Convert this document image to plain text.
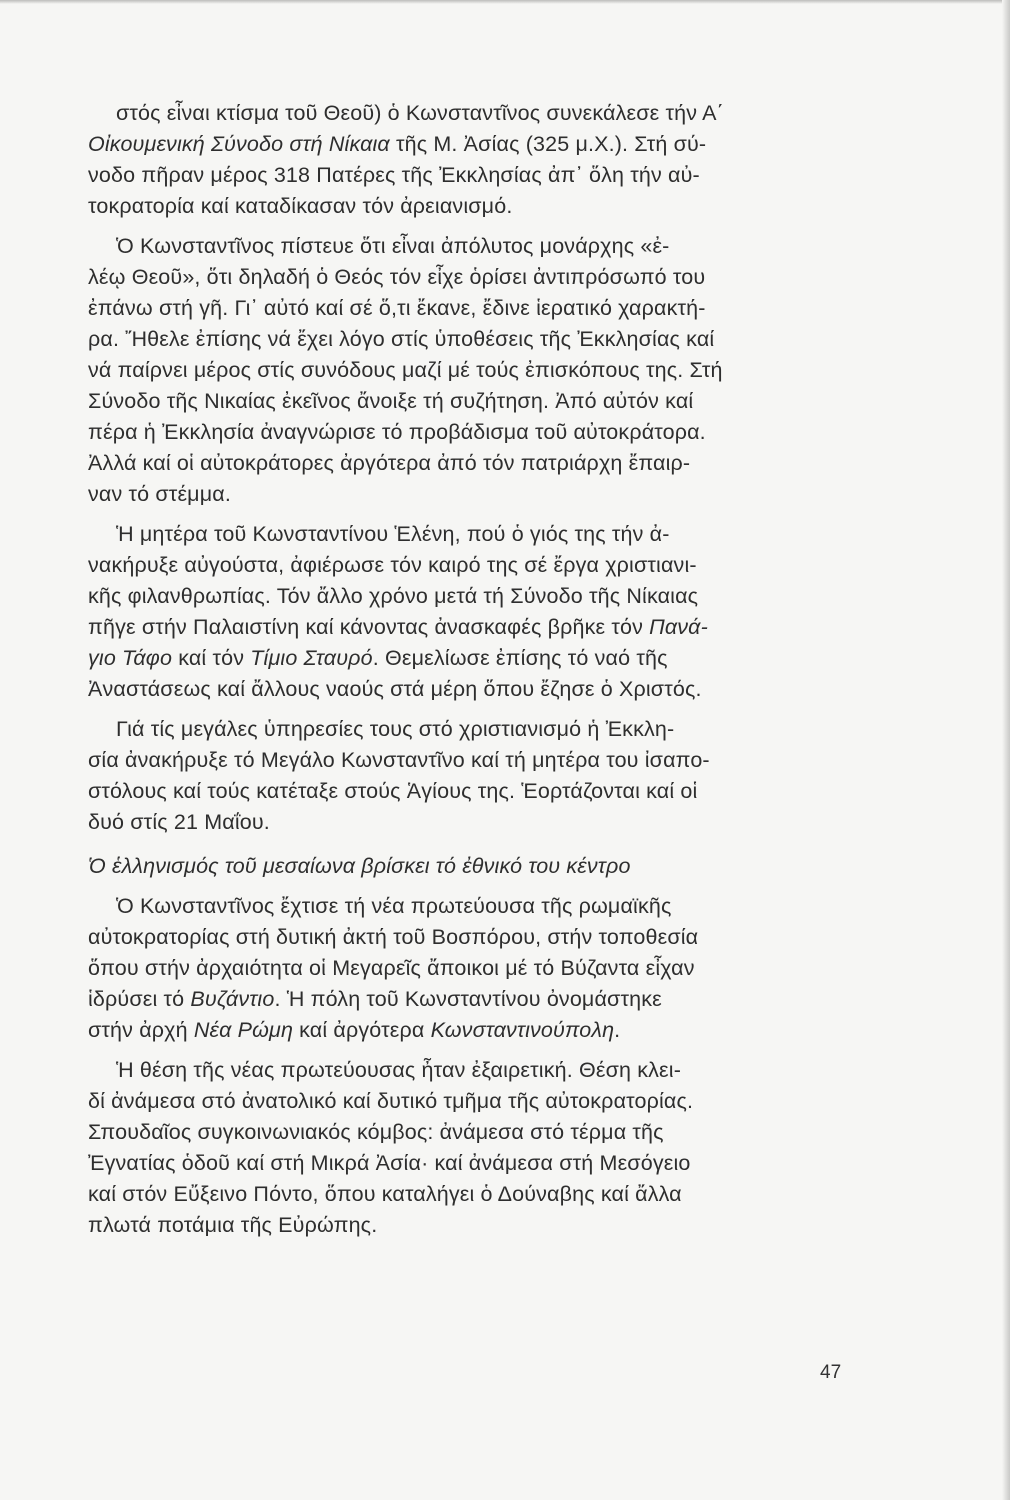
στός εἶναι κτίσμα τοῦ Θεοῦ) ὁ Κωνσταντῖνος συνεκάλεσε τήν Α΄
Οἰκουμενική Σύνοδο στή Νίκαια τῆς Μ. Ἀσίας (325 μ.Χ.). Στή σύ-
νοδο πῆραν μέρος 318 Πατέρες τῆς Ἐκκλησίας ἀπ᾽ ὅλη τήν αὐ-
τοκρατορία καί καταδίκασαν τόν ἀρειανισμό.

Ὁ Κωνσταντῖνος πίστευε ὅτι εἶναι ἀπόλυτος μονάρχης «ἐ-
λέῳ Θεοῦ», ὅτι δηλαδή ὁ Θεός τόν εἶχε ὁρίσει ἀντιπρόσωπό του
ἐπάνω στή γῆ. Γι᾽ αὐτό καί σέ ὅ,τι ἔκανε, ἔδινε ἱερατικό χαρακτή-
ρα. Ἤθελε ἐπίσης νά ἔχει λόγο στίς ὑποθέσεις τῆς Ἐκκλησίας καί
νά παίρνει μέρος στίς συνόδους μαζί μέ τούς ἐπισκόπους της. Στή
Σύνοδο τῆς Νικαίας ἐκεῖνος ἄνοιξε τή συζήτηση. Ἀπό αὐτόν καί
πέρα ἡ Ἐκκλησία ἀναγνώρισε τό προβάδισμα τοῦ αὐτοκράτορα.
Ἀλλά καί οἱ αὐτοκράτορες ἀργότερα ἀπό τόν πατριάρχη ἔπαιρ-
ναν τό στέμμα.

Ἡ μητέρα τοῦ Κωνσταντίνου Ἑλένη, πού ὁ γιός της τήν ἀ-
νακήρυξε αὐγούστα, ἀφιέρωσε τόν καιρό της σέ ἔργα χριστιανι-
κῆς φιλανθρωπίας. Τόν ἄλλο χρόνο μετά τή Σύνοδο τῆς Νίκαιας
πῆγε στήν Παλαιστίνη καί κάνοντας ἀνασκαφές βρῆκε τόν Πανά-
γιο Τάφο καί τόν Τίμιο Σταυρό. Θεμελίωσε ἐπίσης τό ναό τῆς
Ἀναστάσεως καί ἄλλους ναούς στά μέρη ὅπου ἔζησε ὁ Χριστός.

Γιά τίς μεγάλες ὑπηρεσίες τους στό χριστιανισμό ἡ Ἐκκλη-
σία ἀνακήρυξε τό Μεγάλο Κωνσταντῖνο καί τή μητέρα του ἰσαπο-
στόλους καί τούς κατέταξε στούς Ἁγίους της. Ἑορτάζονται καί οἱ
δυό στίς 21 Μαΐου.

Ὁ ἑλληνισμός τοῦ μεσαίωνα βρίσκει τό ἐθνικό του κέντρο

Ὁ Κωνσταντῖνος ἔχτισε τή νέα πρωτεύουσα τῆς ρωμαϊκῆς
αὐτοκρατορίας στή δυτική ἀκτή τοῦ Βοσπόρου, στήν τοποθεσία
ὅπου στήν ἀρχαιότητα οἱ Μεγαρεῖς ἄποικοι μέ τό Βύζαντα εἶχαν
ἱδρύσει τό Βυζάντιο. Ἡ πόλη τοῦ Κωνσταντίνου ὀνομάστηκε
στήν ἀρχή Νέα Ρώμη καί ἀργότερα Κωνσταντινούπολη.

Ἡ θέση τῆς νέας πρωτεύουσας ἦταν ἐξαιρετική. Θέση κλει-
δί ἀνάμεσα στό ἀνατολικό καί δυτικό τμῆμα τῆς αὐτοκρατορίας.
Σπουδαῖος συγκοινωνιακός κόμβος: ἀνάμεσα στό τέρμα τῆς
Ἐγνατίας ὁδοῦ καί στή Μικρά Ἀσία· καί ἀνάμεσα στή Μεσόγειο
καί στόν Εὔξεινο Πόντο, ὅπου καταλήγει ὁ Δούναβης καί ἄλλα
πλωτά ποτάμια τῆς Εὐρώπης.

47
